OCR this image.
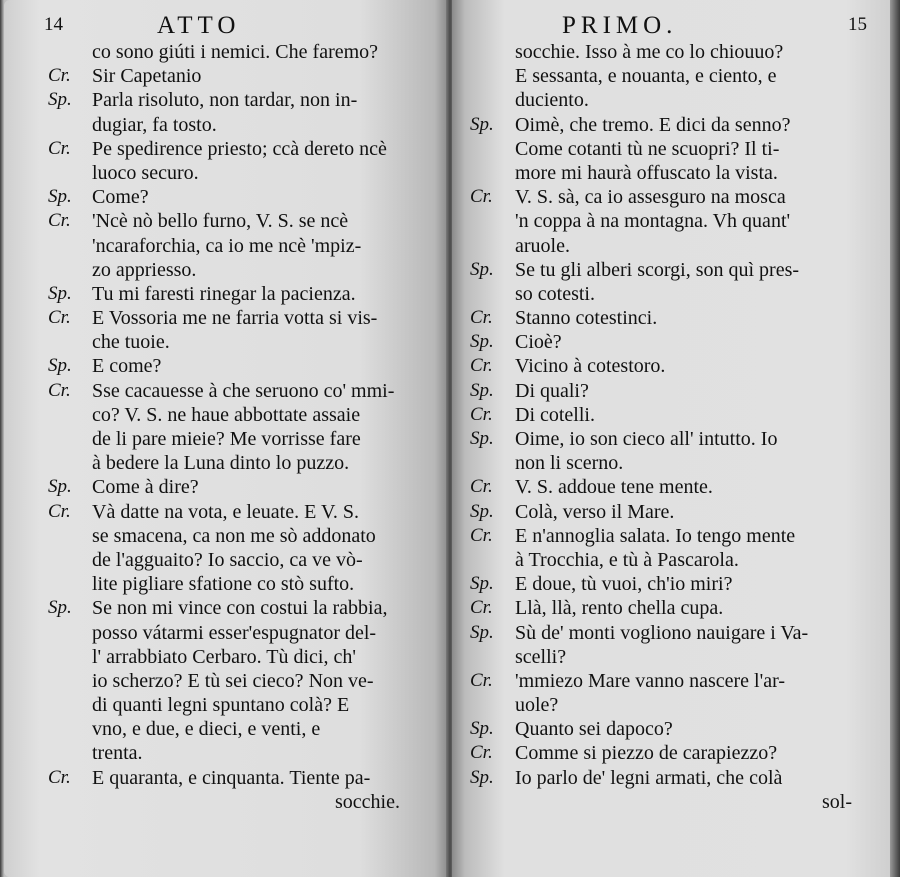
14	ATTO
co sono giúti i nemici. Che faremo?
Cr. Sir Capetanio
Sp. Parla risoluto, non tardar, non in-
dugiar, fa tosto.
Cr. Pe spedirence priesto; ccà dereto ncè
luoco securo.
Sp. Come?
Cr. 'Ncè nò bello furno, V. S. se ncè
'ncaraforchia, ca io me ncè 'mpiz-
zo appriesso.
Sp. Tu mi faresti rinegar la pacienza.
Cr. E Vossoria me ne farria votta si vis-
che tuoie.
Sp. E come?
Cr. Sse cacauesse à che seruono co' mmi-
co? V. S. ne haue abbottate assaie
de li pare mieie? Me vorrisse fare
à bedere la Luna dinto lo puzzo.
Sp. Come à dire?
Cr. Và datte na vota, e leuate. E V. S.
se smacena, ca non me sò addonato
de l'agguaito? Io saccio, ca ve vò-
lite pigliare sfatione co stò sufto.
Sp. Se non mi vince con costui la rabbia,
posso vátarmi esser'espugnator del-
l' arrabbiato Cerbaro. Tù dici, ch'
io scherzo? E tù sei cieco? Non ve-
di quanti legni spuntano colà? E
vno, e due, e dieci, e venti, e
trenta.
Cr. E quaranta, e cinquanta. Tiente pa-
socchie.
PRIMO.	15
socchie. Isso à me co lo chiouuo?
E sessanta, e nouanta, e ciento, e
duciento.
Sp. Oimè, che tremo. E dici da senno?
Come cotanti tù ne scuopri? Il ti-
more mi haurà offuscato la vista.
Cr. V. S. sà, ca io assesguro na mosca
'n coppa à na montagna. Vh quant'
aruole.
Sp. Se tu gli alberi scorgi, son quì pres-
so cotesti.
Cr. Stanno cotestinci.
Sp. Cioè?
Cr. Vicino à cotestoro.
Sp. Di quali?
Cr. Di cotelli.
Sp. Oime, io son cieco all' intutto. Io
non li scerno.
Cr. V. S. addoue tene mente.
Sp. Colà, verso il Mare.
Cr. E n'annoglia salata. Io tengo mente
à Trocchia, e tù à Pascarola.
Sp. E doue, tù vuoi, ch'io miri?
Cr. Llà, llà, rento chella cupa.
Sp. Sù de' monti vogliono nauigare i Va-
scelli?
Cr. 'mmiezo Mare vanno nascere l'ar-
uole?
Sp. Quanto sei dapoco?
Cr. Comme si piezzo de carapiezzo?
Sp. Io parlo de' legni armati, che colà
sol-
